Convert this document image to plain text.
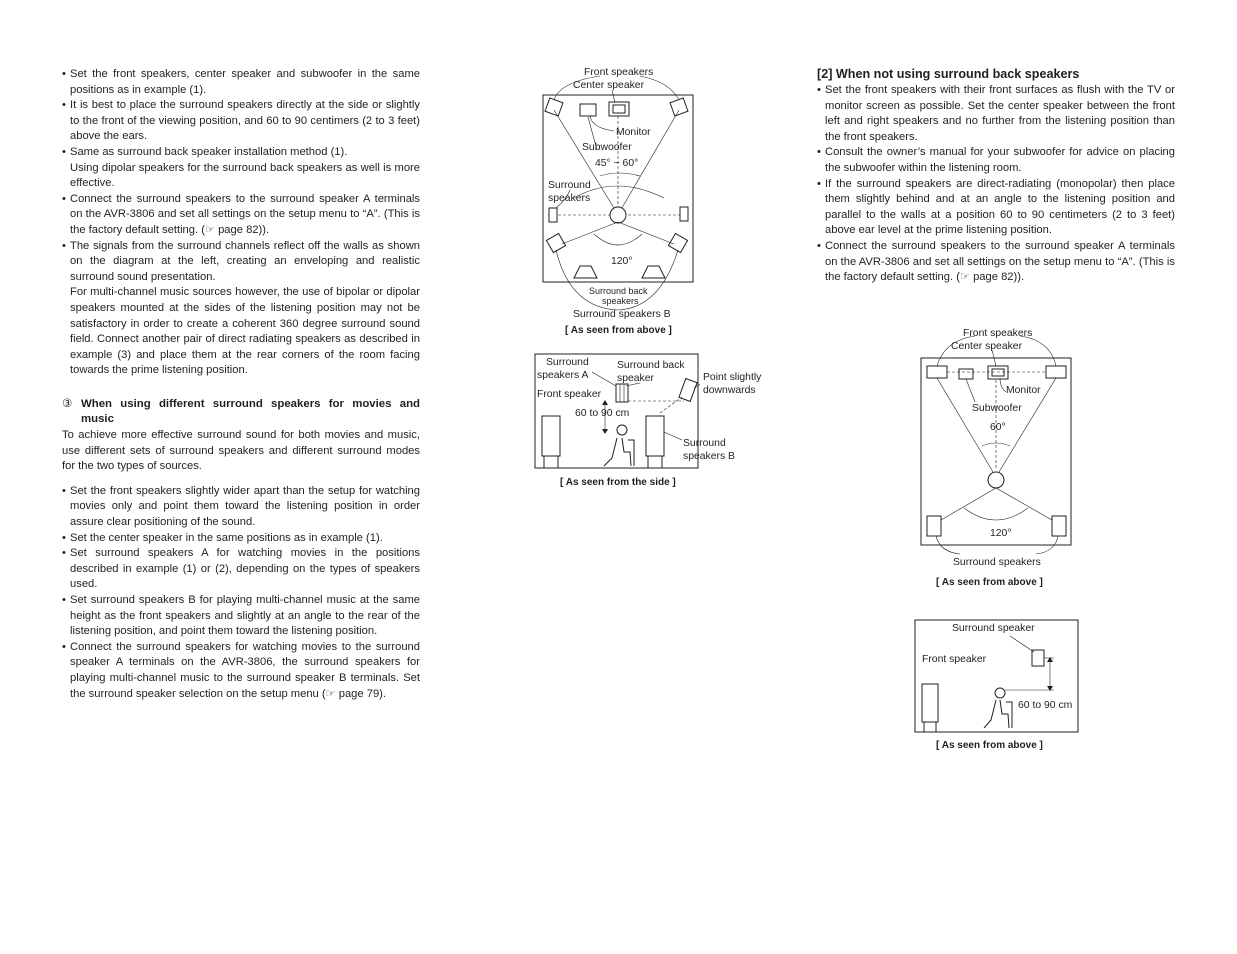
• Set the front speakers, center speaker and subwoofer in the same positions as in example (1).
• It is best to place the surround speakers directly at the side or slightly to the front of the viewing position, and 60 to 90 centimers (2 to 3 feet) above the ears.
• Same as surround back speaker installation method (1).
Using dipolar speakers for the surround back speakers as well is more effective.
• Connect the surround speakers to the surround speaker A terminals on the AVR-3806 and set all settings on the setup menu to “A”. (This is the factory default setting. (☞ page 82)).
• The signals from the surround channels reflect off the walls as shown on the diagram at the left, creating an enveloping and realistic surround sound presentation.
For multi-channel music sources however, the use of bipolar or dipolar speakers mounted at the sides of the listening position may not be satisfactory in order to create a coherent 360 degree surround sound field. Connect another pair of direct radiating speakers as described in example (3) and place them at the rear corners of the room facing towards the prime listening position.
③ When using different surround speakers for movies and music

To achieve more effective surround sound for both movies and music, use different sets of surround speakers and different surround modes for the two types of sources.

• Set the front speakers slightly wider apart than the setup for watching movies only and point them toward the listening position in order assure clear positioning of the sound.
• Set the center speaker in the same positions as in example (1).
• Set surround speakers A for watching movies in the positions described in example (1) or (2), depending on the types of speakers used.
• Set surround speakers B for playing multi-channel music at the same height as the front speakers and slightly at an angle to the rear of the listening position, and point them toward the listening position.
• Connect the surround speakers for watching movies to the surround speaker A terminals on the AVR-3806, the surround speakers for playing multi-channel music to the surround speaker B terminals. Set the surround speaker selection on the setup menu (☞ page 79).
[2] When not using surround back speakers
• Set the front speakers with their front surfaces as flush with the TV or monitor screen as possible. Set the center speaker between the front left and right speakers and no further from the listening position than the front speakers.
• Consult the owner’s manual for your subwoofer for advice on placing the subwoofer within the listening room.
• If the surround speakers are direct-radiating (monopolar) then place them slightly behind and at an angle to the listening position and parallel to the walls at a position 60 to 90 centimeters (2 to 3 feet) above ear level at the prime listening position.
• Connect the surround speakers to the surround speaker A terminals on the AVR-3806 and set all settings on the setup menu to “A”. (This is the factory default setting. (☞ page 82)).
Front speakers
Center speaker
Monitor
Subwoofer
45° ~ 60°
Surround
speakers
120°
Surround back
speakers
Surround speakers B
[ As seen from above ]
Surround
speakers A
Surround back
speaker	Point slightly
downwards
Front speaker
60 to 90 cm
Surround
speakers B
[ As seen from the side ]
Front speakers
Center speaker
Monitor
Subwoofer
60°
120°
Surround speakers
[ As seen from above ]
Surround speaker
Front speaker
60 to 90 cm
[ As seen from above ]
